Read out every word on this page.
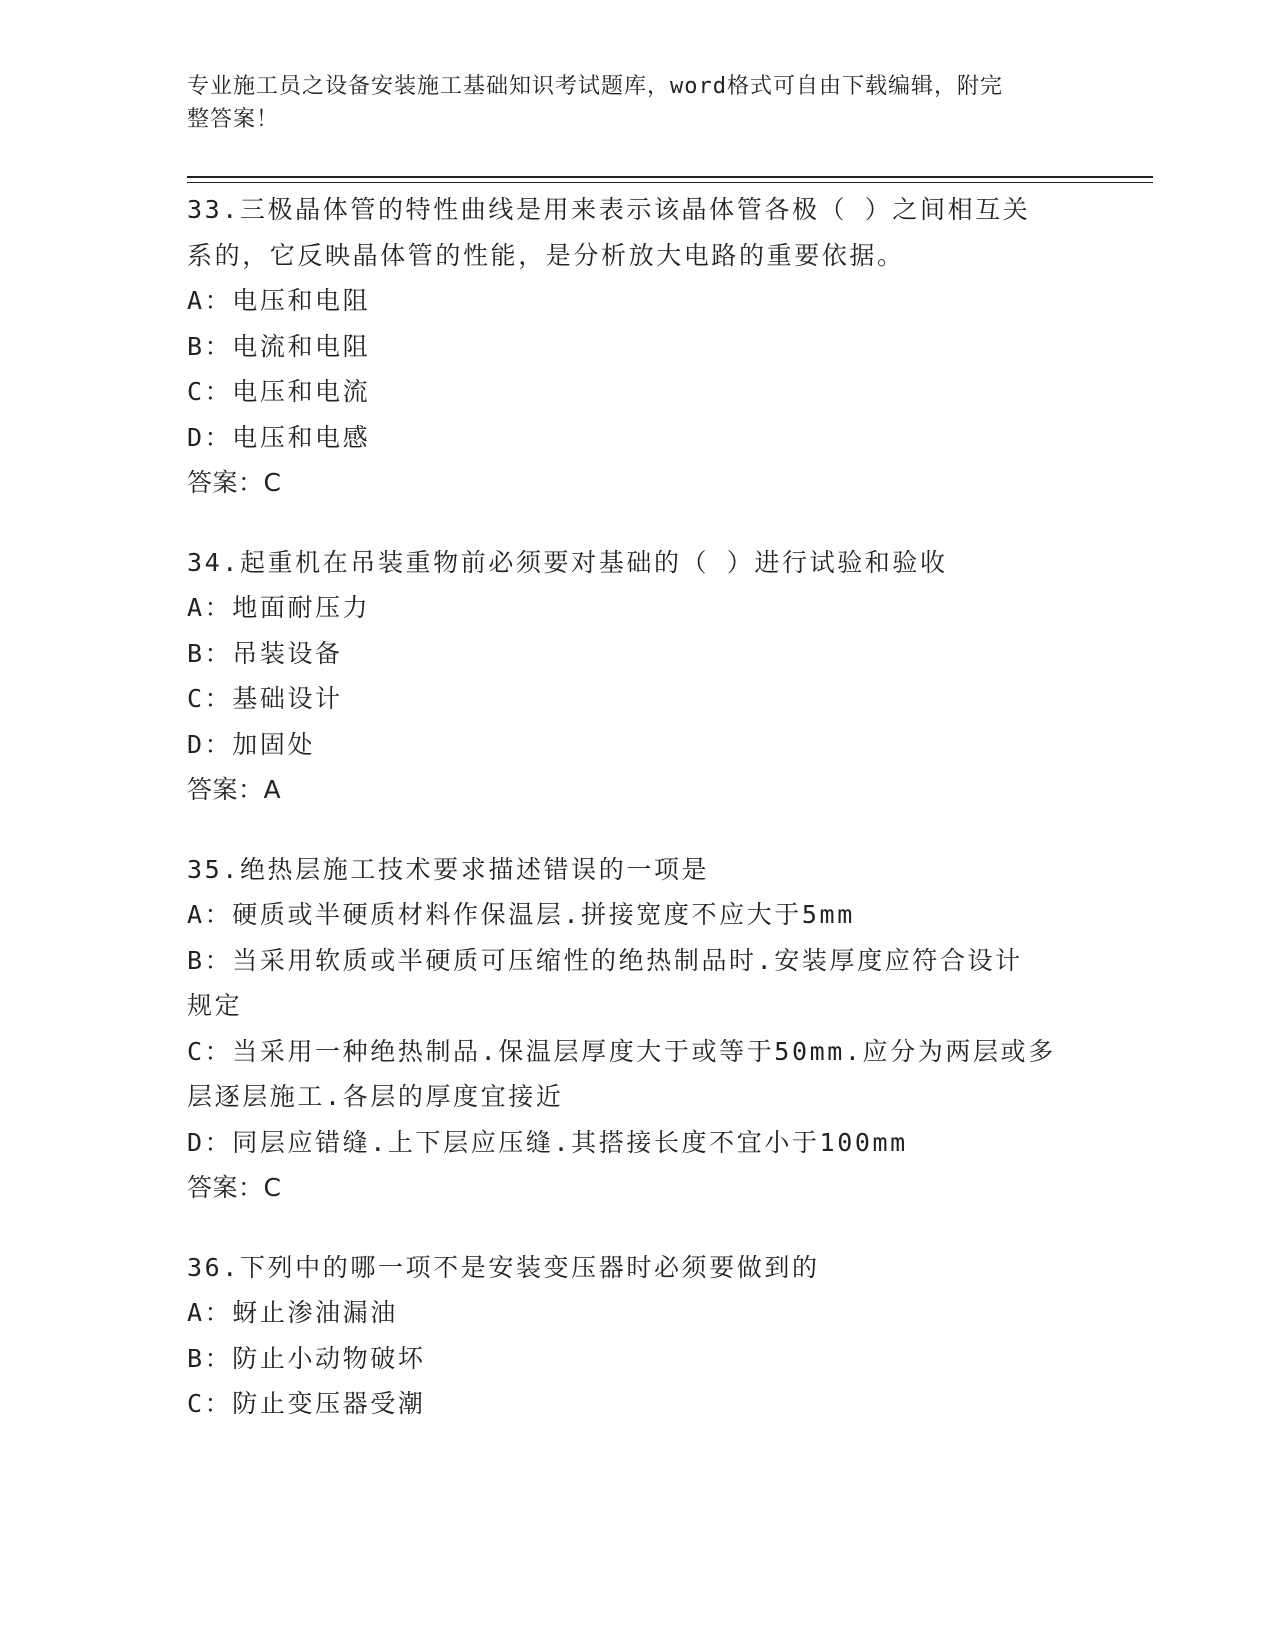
专业施工员之设备安装施工基础知识考试题库，word格式可自由下载编辑，附完
整答案！
33.三极晶体管的特性曲线是用来表示该晶体管各极（ ）之间相互关
系的，它反映晶体管的性能，是分析放大电路的重要依据。
A：电压和电阻
B：电流和电阻
C：电压和电流
D：电压和电感
答案：C
34.起重机在吊装重物前必须要对基础的（ ）进行试验和验收
A：地面耐压力
B：吊装设备
C：基础设计
D：加固处
答案：A
35.绝热层施工技术要求描述错误的一项是
A：硬质或半硬质材料作保温层.拼接宽度不应大于5mm
B：当采用软质或半硬质可压缩性的绝热制品时.安装厚度应符合设计
规定
C：当采用一种绝热制品.保温层厚度大于或等于50mm.应分为两层或多
层逐层施工.各层的厚度宜接近
D：同层应错缝.上下层应压缝.其搭接长度不宜小于100mm
答案：C
36.下列中的哪一项不是安装变压器时必须要做到的
A：蚜止渗油漏油
B：防止小动物破坏
C：防止变压器受潮
